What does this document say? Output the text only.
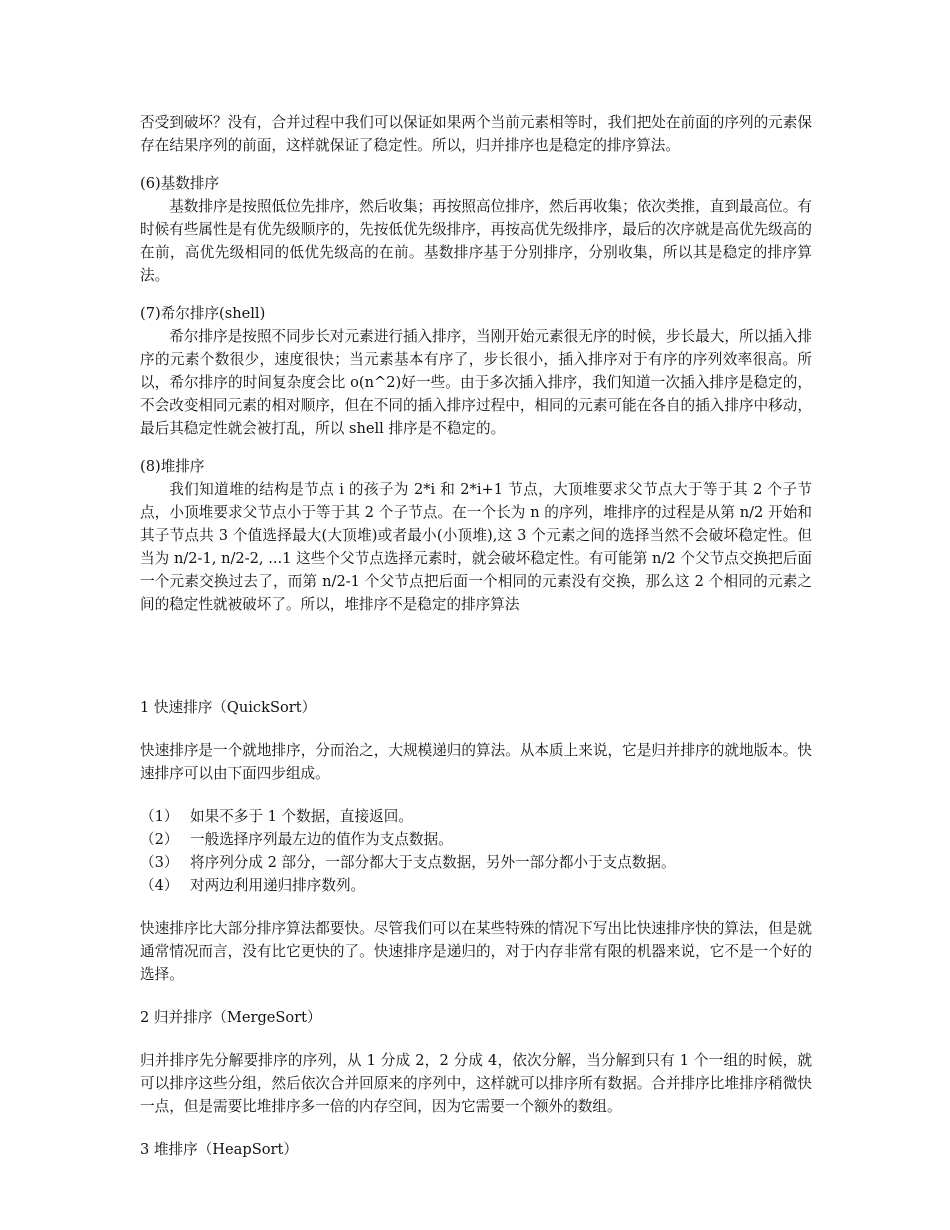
否受到破坏？没有，合并过程中我们可以保证如果两个当前元素相等时，我们把处在前面的序列的元素保存在结果序列的前面，这样就保证了稳定性。所以，归并排序也是稳定的排序算法。

(6)基数排序

基数排序是按照低位先排序，然后收集；再按照高位排序，然后再收集；依次类推，直到最高位。有时候有些属性是有优先级顺序的，先按低优先级排序，再按高优先级排序，最后的次序就是高优先级高的在前，高优先级相同的低优先级高的在前。基数排序基于分别排序，分别收集，所以其是稳定的排序算法。

(7)希尔排序(shell)

希尔排序是按照不同步长对元素进行插入排序，当刚开始元素很无序的时候，步长最大，所以插入排序的元素个数很少，速度很快；当元素基本有序了，步长很小，插入排序对于有序的序列效率很高。所以，希尔排序的时间复杂度会比 o(n^2)好一些。由于多次插入排序，我们知道一次插入排序是稳定的，不会改变相同元素的相对顺序，但在不同的插入排序过程中，相同的元素可能在各自的插入排序中移动，最后其稳定性就会被打乱，所以 shell 排序是不稳定的。

(8)堆排序

我们知道堆的结构是节点 i 的孩子为 2*i 和 2*i+1 节点，大顶堆要求父节点大于等于其 2 个子节点，小顶堆要求父节点小于等于其 2 个子节点。在一个长为 n 的序列，堆排序的过程是从第 n/2 开始和其子节点共 3 个值选择最大(大顶堆)或者最小(小顶堆),这 3 个元素之间的选择当然不会破坏稳定性。但当为 n/2-1, n/2-2, ...1 这些个父节点选择元素时，就会破坏稳定性。有可能第 n/2 个父节点交换把后面一个元素交换过去了，而第 n/2-1 个父节点把后面一个相同的元素没有交换，那么这 2 个相同的元素之间的稳定性就被破坏了。所以，堆排序不是稳定的排序算法

1 快速排序（QuickSort）

快速排序是一个就地排序，分而治之，大规模递归的算法。从本质上来说，它是归并排序的就地版本。快速排序可以由下面四步组成。

（1） 如果不多于 1 个数据，直接返回。
（2） 一般选择序列最左边的值作为支点数据。
（3） 将序列分成 2 部分，一部分都大于支点数据，另外一部分都小于支点数据。
（4） 对两边利用递归排序数列。

快速排序比大部分排序算法都要快。尽管我们可以在某些特殊的情况下写出比快速排序快的算法，但是就通常情况而言，没有比它更快的了。快速排序是递归的，对于内存非常有限的机器来说，它不是一个好的选择。

2 归并排序（MergeSort）

归并排序先分解要排序的序列，从 1 分成 2，2 分成 4，依次分解，当分解到只有 1 个一组的时候，就可以排序这些分组，然后依次合并回原来的序列中，这样就可以排序所有数据。合并排序比堆排序稍微快一点，但是需要比堆排序多一倍的内存空间，因为它需要一个额外的数组。

3 堆排序（HeapSort）
